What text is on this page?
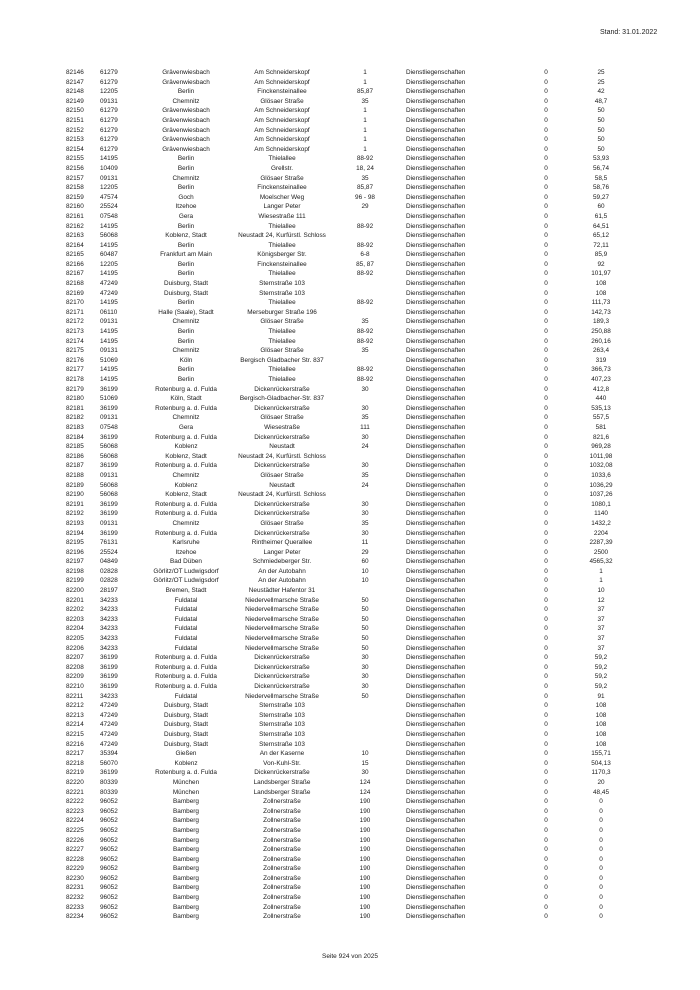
Stand: 31.01.2022
82146	61279	Grävenwiesbach	Am Schneiderskopf	1	Dienstliegenschaften	0	25
82147	61279	Grävenwiesbach	Am Schneiderskopf	1	Dienstliegenschaften	0	25
82148	12205	Berlin	Finckensteinallee	85,87	Dienstliegenschaften	0	42
82149	09131	Chemnitz	Glösaer Straße	35	Dienstliegenschaften	0	48,7
82150	61279	Grävenwiesbach	Am Schneiderskopf	1	Dienstliegenschaften	0	50
82151	61279	Grävenwiesbach	Am Schneiderskopf	1	Dienstliegenschaften	0	50
82152	61279	Grävenwiesbach	Am Schneiderskopf	1	Dienstliegenschaften	0	50
82153	61279	Grävenwiesbach	Am Schneiderskopf	1	Dienstliegenschaften	0	50
82154	61279	Grävenwiesbach	Am Schneiderskopf	1	Dienstliegenschaften	0	50
82155	14195	Berlin	Thielallee	88-92	Dienstliegenschaften	0	53,93
82156	10409	Berlin	Grellstr.	18, 24	Dienstliegenschaften	0	56,74
82157	09131	Chemnitz	Glösaer Straße	35	Dienstliegenschaften	0	58,5
82158	12205	Berlin	Finckensteinallee	85,87	Dienstliegenschaften	0	58,76
82159	47574	Goch	Moelscher Weg	96 - 98	Dienstliegenschaften	0	59,27
82160	25524	Itzehoe	Langer Peter	29	Dienstliegenschaften	0	60
82161	07548	Gera	Wiesestraße 111		Dienstliegenschaften	0	61,5
82162	14195	Berlin	Thielallee	88-92	Dienstliegenschaften	0	64,51
82163	56068	Koblenz, Stadt	Neustadt 24, Kurfürstl. Schloss		Dienstliegenschaften	0	65,12
82164	14195	Berlin	Thielallee	88-92	Dienstliegenschaften	0	72,11
82165	60487	Frankfurt am Main	Königsberger Str.	6-8	Dienstliegenschaften	0	85,9
82166	12205	Berlin	Finckensteinallee	85, 87	Dienstliegenschaften	0	92
82167	14195	Berlin	Thielallee	88-92	Dienstliegenschaften	0	101,97
82168	47249	Duisburg, Stadt	Sternstraße 103		Dienstliegenschaften	0	108
82169	47249	Duisburg, Stadt	Sternstraße 103		Dienstliegenschaften	0	108
82170	14195	Berlin	Thielallee	88-92	Dienstliegenschaften	0	111,73
82171	06110	Halle (Saale), Stadt	Merseburger Straße 196		Dienstliegenschaften	0	142,73
82172	09131	Chemnitz	Glösaer Straße	35	Dienstliegenschaften	0	189,3
82173	14195	Berlin	Thielallee	88-92	Dienstliegenschaften	0	250,88
82174	14195	Berlin	Thielallee	88-92	Dienstliegenschaften	0	260,16
82175	09131	Chemnitz	Glösaer Straße	35	Dienstliegenschaften	0	263,4
82176	51069	Köln	Bergisch Gladbacher Str. 837		Dienstliegenschaften	0	319
82177	14195	Berlin	Thielallee	88-92	Dienstliegenschaften	0	366,73
82178	14195	Berlin	Thielallee	88-92	Dienstliegenschaften	0	407,23
82179	36199	Rotenburg a. d. Fulda	Dickenrückerstraße	30	Dienstliegenschaften	0	412,8
82180	51069	Köln, Stadt	Bergisch-Gladbacher-Str. 837		Dienstliegenschaften	0	440
82181	36199	Rotenburg a. d. Fulda	Dickenrückerstraße	30	Dienstliegenschaften	0	535,13
82182	09131	Chemnitz	Glösaer Straße	35	Dienstliegenschaften	0	557,5
82183	07548	Gera	Wiesestraße	111	Dienstliegenschaften	0	581
82184	36199	Rotenburg a. d. Fulda	Dickenrückerstraße	30	Dienstliegenschaften	0	821,6
82185	56068	Koblenz	Neustadt	24	Dienstliegenschaften	0	969,28
82186	56068	Koblenz, Stadt	Neustadt 24, Kurfürstl. Schloss		Dienstliegenschaften	0	1011,98
82187	36199	Rotenburg a. d. Fulda	Dickenrückerstraße	30	Dienstliegenschaften	0	1032,08
82188	09131	Chemnitz	Glösaer Straße	35	Dienstliegenschaften	0	1033,6
82189	56068	Koblenz	Neustadt	24	Dienstliegenschaften	0	1036,29
82190	56068	Koblenz, Stadt	Neustadt 24, Kurfürstl. Schloss		Dienstliegenschaften	0	1037,26
82191	36199	Rotenburg a. d. Fulda	Dickenrückerstraße	30	Dienstliegenschaften	0	1080,1
82192	36199	Rotenburg a. d. Fulda	Dickenrückerstraße	30	Dienstliegenschaften	0	1140
82193	09131	Chemnitz	Glösaer Straße	35	Dienstliegenschaften	0	1432,2
82194	36199	Rotenburg a. d. Fulda	Dickenrückerstraße	30	Dienstliegenschaften	0	2204
82195	76131	Karlsruhe	Rintheimer Querallee	11	Dienstliegenschaften	0	2287,39
82196	25524	Itzehoe	Langer Peter	29	Dienstliegenschaften	0	2500
82197	04849	Bad Düben	Schmiedeberger Str.	60	Dienstliegenschaften	0	4565,32
82198	02828	Görlitz/OT Ludwigsdorf	An der Autobahn	10	Dienstliegenschaften	0	1
82199	02828	Görlitz/OT Ludwigsdorf	An der Autobahn	10	Dienstliegenschaften	0	1
82200	28197	Bremen, Stadt	Neustädter Hafentor 31		Dienstliegenschaften	0	10
82201	34233	Fuldatal	Niedervellmarsche Straße	50	Dienstliegenschaften	0	12
82202	34233	Fuldatal	Niedervellmarsche Straße	50	Dienstliegenschaften	0	37
82203	34233	Fuldatal	Niedervellmarsche Straße	50	Dienstliegenschaften	0	37
82204	34233	Fuldatal	Niedervellmarsche Straße	50	Dienstliegenschaften	0	37
82205	34233	Fuldatal	Niedervellmarsche Straße	50	Dienstliegenschaften	0	37
82206	34233	Fuldatal	Niedervellmarsche Straße	50	Dienstliegenschaften	0	37
82207	36199	Rotenburg a. d. Fulda	Dickenrückerstraße	30	Dienstliegenschaften	0	59,2
82208	36199	Rotenburg a. d. Fulda	Dickenrückerstraße	30	Dienstliegenschaften	0	59,2
82209	36199	Rotenburg a. d. Fulda	Dickenrückerstraße	30	Dienstliegenschaften	0	59,2
82210	36199	Rotenburg a. d. Fulda	Dickenrückerstraße	30	Dienstliegenschaften	0	59,2
82211	34233	Fuldatal	Niedervellmarsche Straße	50	Dienstliegenschaften	0	91
82212	47249	Duisburg, Stadt	Sternstraße 103		Dienstliegenschaften	0	108
82213	47249	Duisburg, Stadt	Sternstraße 103		Dienstliegenschaften	0	108
82214	47249	Duisburg, Stadt	Sternstraße 103		Dienstliegenschaften	0	108
82215	47249	Duisburg, Stadt	Sternstraße 103		Dienstliegenschaften	0	108
82216	47249	Duisburg, Stadt	Sternstraße 103		Dienstliegenschaften	0	108
82217	35394	Gießen	An der Kaserne	10	Dienstliegenschaften	0	155,71
82218	56070	Koblenz	Von-Kuhl-Str.	15	Dienstliegenschaften	0	504,13
82219	36199	Rotenburg a. d. Fulda	Dickenrückerstraße	30	Dienstliegenschaften	0	1170,3
82220	80339	München	Landsberger Straße	124	Dienstliegenschaften	0	20
82221	80339	München	Landsberger Straße	124	Dienstliegenschaften	0	48,45
82222	96052	Bamberg	Zollnerstraße	190	Dienstliegenschaften	0	0
82223	96052	Bamberg	Zollnerstraße	190	Dienstliegenschaften	0	0
82224	96052	Bamberg	Zollnerstraße	190	Dienstliegenschaften	0	0
82225	96052	Bamberg	Zollnerstraße	190	Dienstliegenschaften	0	0
82226	96052	Bamberg	Zollnerstraße	190	Dienstliegenschaften	0	0
82227	96052	Bamberg	Zollnerstraße	190	Dienstliegenschaften	0	0
82228	96052	Bamberg	Zollnerstraße	190	Dienstliegenschaften	0	0
82229	96052	Bamberg	Zollnerstraße	190	Dienstliegenschaften	0	0
82230	96052	Bamberg	Zollnerstraße	190	Dienstliegenschaften	0	0
82231	96052	Bamberg	Zollnerstraße	190	Dienstliegenschaften	0	0
82232	96052	Bamberg	Zollnerstraße	190	Dienstliegenschaften	0	0
82233	96052	Bamberg	Zollnerstraße	190	Dienstliegenschaften	0	0
82234	96052	Bamberg	Zollnerstraße	190	Dienstliegenschaften	0	0
Seite 924 von 2025
